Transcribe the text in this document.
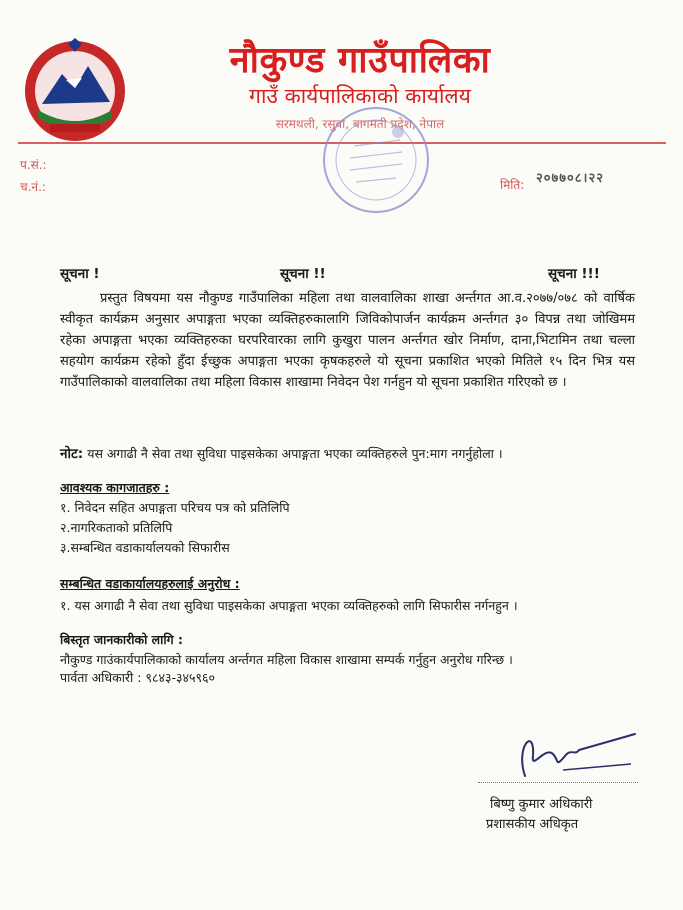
नौकुण्ड गाउँपालिका
गाउँ कार्यपालिकाको कार्यालय
सरमथली, रसुवा, बागमती प्रदेश, नेपाल
प.सं.:
च.नं.:	मिति: २०७७०८।२२
सूचना !	सूचना !!	सूचना !!!
प्रस्तुत विषयमा यस नौकुण्ड गाउँपालिका महिला तथा वालवालिका शाखा अर्न्तगत आ.व.२०७७/०७८ को वार्षिक स्वीकृत कार्यक्रम अनुसार अपाङ्गता भएका व्यक्तिहरुकालागि जिविकोपार्जन कार्यक्रम अर्न्तगत ३० विपन्न तथा जोखिमम रहेका अपाङ्गता भएका व्यक्तिहरुका घरपरिवारका लागि कुखुरा पालन अर्न्तगत खोर निर्माण, दाना,भिटामिन तथा चल्ला सहयोग कार्यक्रम रहेको हुँदा ईच्छुक अपाङ्गता भएका कृषकहरुले यो सूचना प्रकाशित भएको मितिले १५ दिन भित्र यस गाउँपालिकाको वालवालिका तथा महिला विकास शाखामा निवेदन पेश गर्नहुन यो सूचना प्रकाशित गरिएको छ ।
नोट: यस अगाढी नै सेवा तथा सुविधा पाइसकेका अपाङ्गता भएका व्यक्तिहरुले पुन:माग नगर्नुहोला ।
आवश्यक कागजातहरु :
१. निवेदन सहित अपाङ्गता परिचय पत्र को प्रतिलिपि
२.नागरिकताको प्रतिलिपि
३.सम्बन्धित वडाकार्यालयको सिफारीस
सम्बन्धित वडाकार्यालयहरुलाई अनुरोध :
१. यस अगाढी नै सेवा तथा सुविधा पाइसकेका अपाङ्गता भएका व्यक्तिहरुको लागि सिफारीस नर्गनहुन ।
बिस्तृत जानकारीको लागि :
नौकुण्ड गाउंकार्यपालिकाको कार्यालय अर्न्तगत महिला विकास शाखामा सम्पर्क गर्नुहुन अनुरोध गरिन्छ ।
पार्वता अधिकारी : ९८४३-३४५९६०
बिष्णु कुमार अधिकारी
प्रशासकीय अधिकृत
